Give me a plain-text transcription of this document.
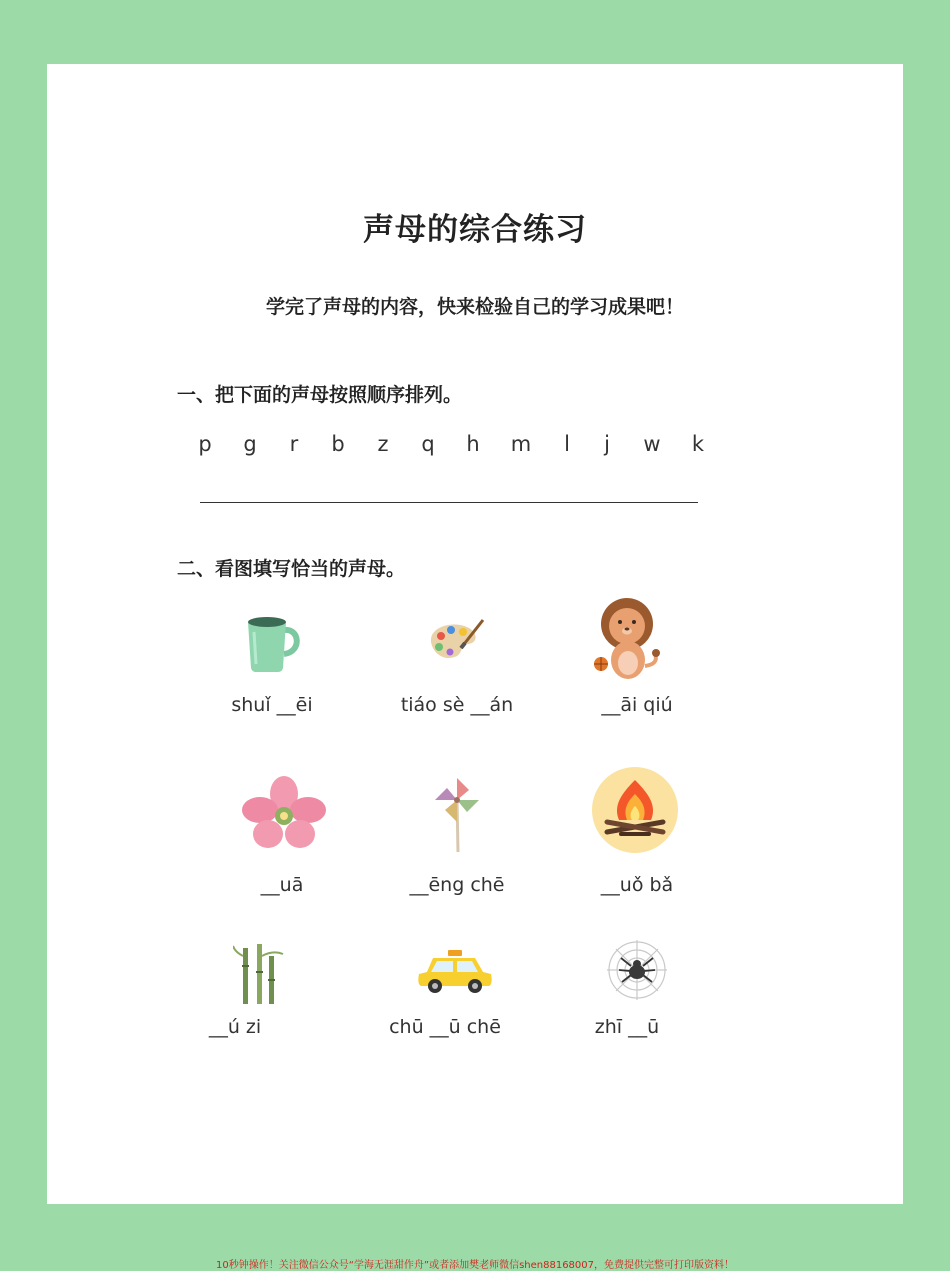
声母的综合练习
学完了声母的内容，快来检验自己的学习成果吧！
一、把下面的声母按照顺序排列。
p	g	r	b	z	q	h	m	l	j	w	k
二、看图填写恰当的声母。
shuǐ __ēi	tiáo sè __án	__āi qiú
__uā	__ēng chē	__uǒ bǎ
__ú zi	chū __ū chē	zhī __ū
10秒钟操作！关注微信公众号“学海无涯甜作舟”或者添加樊老师微信shen88168007，免费提供完整可打印版资料！
